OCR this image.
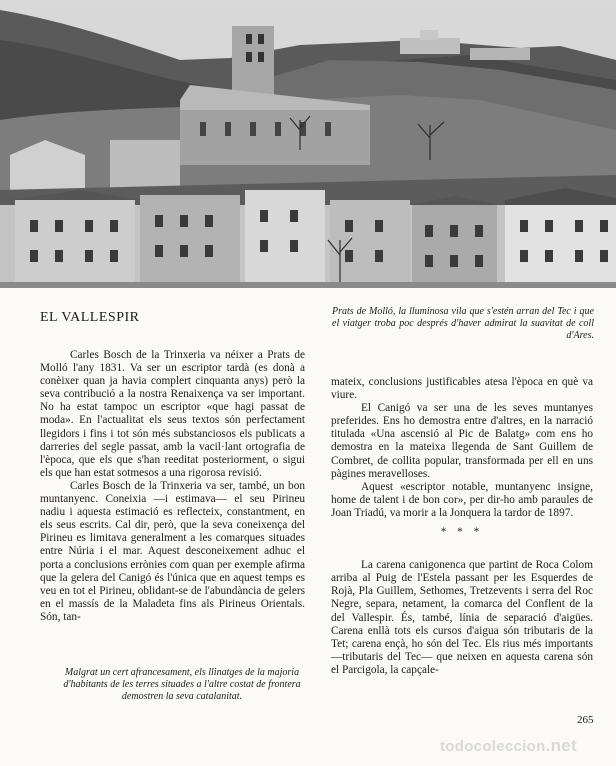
EL VALLESPIR	Prats de Molló, la lluminosa vila que s'estén arran del Tec i que el viatger troba poc després d'haver admirat la suavitat de coll d'Ares.

Carles Bosch de la Trinxeria va néixer a Prats de Molló l'any 1831. Va ser un escriptor tardà (es donà a conèixer quan ja havia complert cinquanta anys) però la seva contribució a la nostra Renaixença va ser important. No ha estat tampoc un escriptor «que hagi passat de moda». En l'actualitat els seus textos són perfectament llegidors i fins i tot són més substanciosos els publicats a darreries del segle passat, amb la vacil·lant ortografia de l'època, que els que s'han reeditat posteriorment, o sigui els que han estat sotmesos a una rigorosa revisió.

Carles Bosch de la Trinxeria va ser, també, un bon muntanyenc. Coneixia —i estimava— el seu Pirineu nadiu i aquesta estimació es reflecteix, constantment, en els seus escrits. Cal dir, però, que la seva coneixença del Pirineu es limitava generalment a les comarques situades entre Núria i el mar. Aquest desconeixement adhuc el porta a conclusions errònies com quan per exemple afirma que la gelera del Canigó és l'única que en aquest temps es veu en tot el Pirineu, oblidant-se de l'abundància de gelers en el massís de la Maladeta fins als Pirineus Orientals. Són, tan-

mateix, conclusions justificables atesa l'època en què va viure.

El Canigó va ser una de les seves muntanyes preferides. Ens ho demostra entre d'altres, en la narració titulada «Una ascensió al Pic de Balatg» com ens ho demostra en la mateixa llegenda de Sant Guillem de Combret, de collita popular, transformada per ell en uns pàgines meravelloses.

Aquest «escriptor notable, muntanyenc insigne, home de talent i de bon cor», per dir-ho amb paraules de Joan Triadú, va morir a la Jonquera la tardor de 1897.

* * *

La carena canigonenca que partint de Roca Colom arriba al Puig de l'Estela passant per les Esquerdes de Rojà, Pla Guillem, Sethomes, Tretzevents i serra del Roc Negre, separa, netament, la comarca del Conflent de la del Vallespir. És, també, línia de separació d'aigües. Carena enllà tots els cursos d'aigua són tributaris de la Tet; carena ençà, ho són del Tec. Els rius més importants —tributaris del Tec— que neixen en aquesta carena són el Parcigola, la capçale-

Malgrat un cert afrancesament, els llinatges de la majoria d'habitants de les terres situades a l'altre costat de frontera demostren la seva catalanitat.

265
todocoleccion.net
